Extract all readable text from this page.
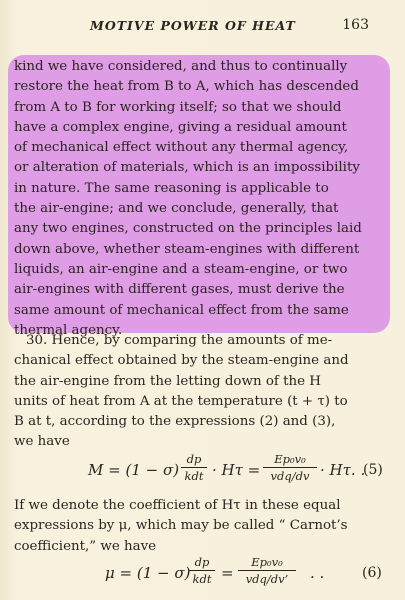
MOTIVE POWER OF HEAT	163

kind we have considered, and thus to continually

restore the heat from B to A, which has descended

from A to B for working itself; so that we should

have a complex engine, giving a residual amount

of mechanical effect without any thermal agency,

or alteration of materials, which is an impossibility

in nature. The same reasoning is applicable to

the air-engine; and we conclude, generally, that

any two engines, constructed on the principles laid

down above, whether steam-engines with different

liquids, an air-engine and a steam-engine, or two

air-engines with different gases, must derive the

same amount of mechanical effect from the same

thermal agency.

30. Hence, by comparing the amounts of me-

chanical effect obtained by the steam-engine and

the air-engine from the letting down of the H

units of heat from A at the temperature (t + τ) to

B at t, according to the expressions (2) and (3),

we have

M = (1 − σ)
dp
kdt · Hτ =
Ep₀v₀
vdq/dv · Hτ. .
(5)

If we denote the coefficient of Hτ in these equal

expressions by μ, which may be called “ Carnot’s

coefficient,” we have

μ = (1 − σ)
dp
kdt =
Ep₀v₀
vdq/dv’ . .	(6)
